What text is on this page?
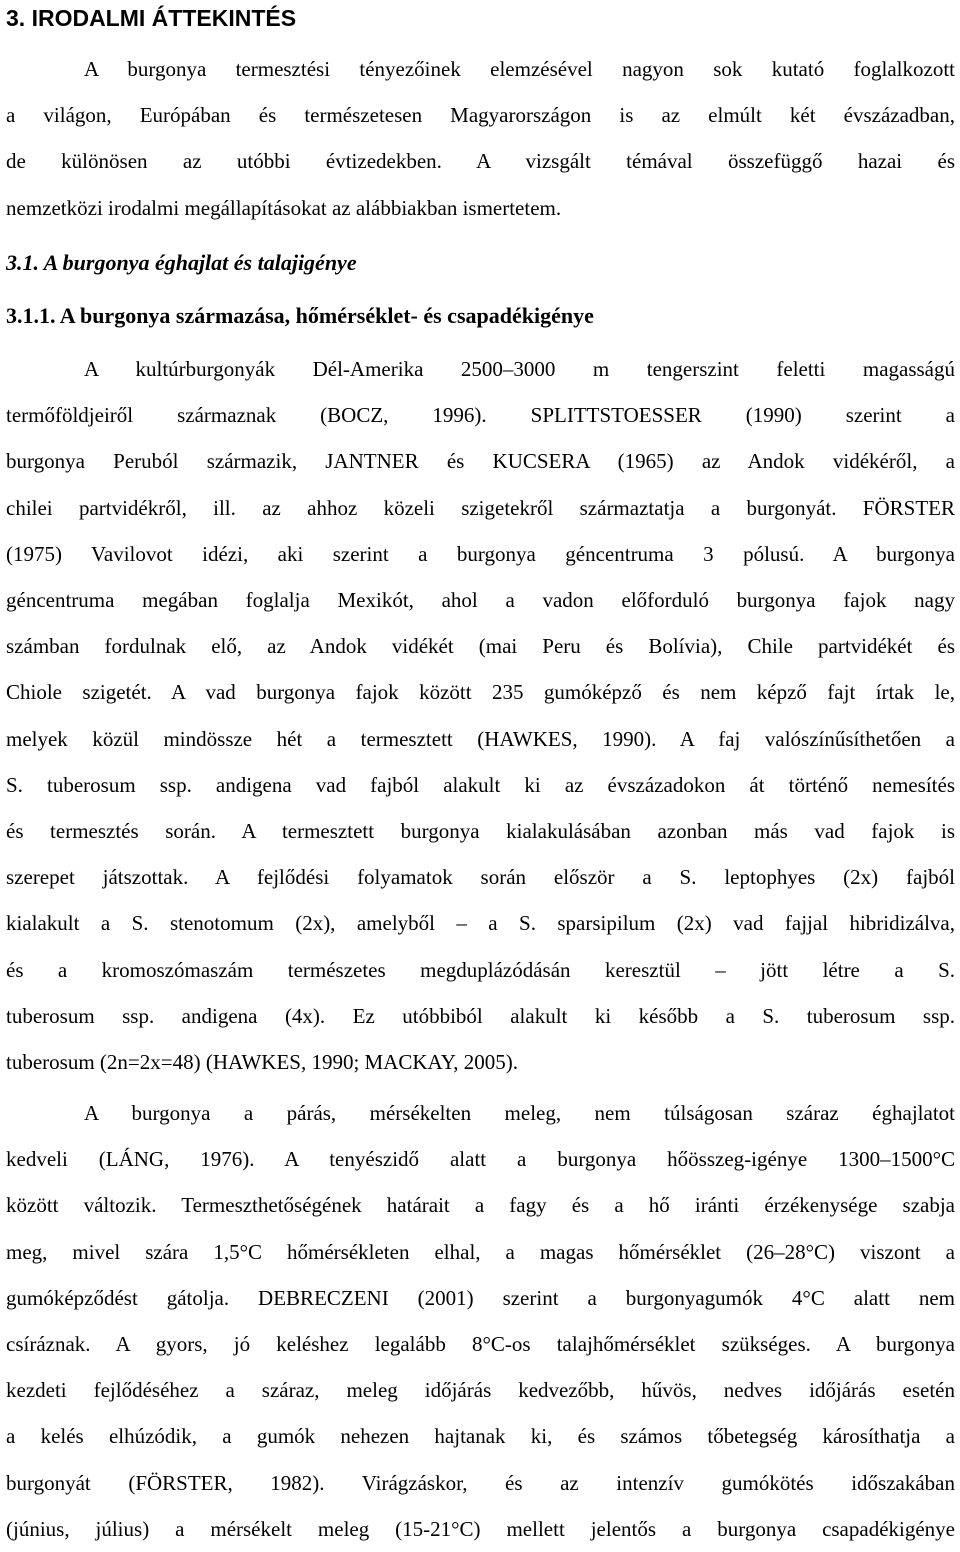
3. IRODALMI ÁTTEKINTÉS
A burgonya termesztési tényezőinek elemzésével nagyon sok kutató foglalkozott
a világon, Európában és természetesen Magyarországon is az elmúlt két évszázadban,
de különösen az utóbbi évtizedekben. A vizsgált témával összefüggő hazai és
nemzetközi irodalmi megállapításokat az alábbiakban ismertetem.
3.1. A burgonya éghajlat és talajigénye
3.1.1. A burgonya származása, hőmérséklet- és csapadékigénye
A kultúrburgonyák Dél-Amerika 2500–3000 m tengerszint feletti magasságú
termőföldjeiről származnak (BOCZ, 1996). SPLITTSTOESSER (1990) szerint a
burgonya Peruból származik, JANTNER és KUCSERA (1965) az Andok vidékéről, a
chilei partvidékről, ill. az ahhoz közeli szigetekről származtatja a burgonyát. FÖRSTER
(1975) Vavilovot idézi, aki szerint a burgonya géncentruma 3 pólusú. A burgonya
géncentruma megában foglalja Mexikót, ahol a vadon előforduló burgonya fajok nagy
számban fordulnak elő, az Andok vidékét (mai Peru és Bolívia), Chile partvidékét és
Chiole szigetét. A vad burgonya fajok között 235 gumóképző és nem képző fajt írtak le,
melyek közül mindössze hét a termesztett (HAWKES, 1990). A faj valószínűsíthetően a
S. tuberosum ssp. andigena vad fajból alakult ki az évszázadokon át történő nemesítés
és termesztés során. A termesztett burgonya kialakulásában azonban más vad fajok is
szerepet játszottak. A fejlődési folyamatok során először a S. leptophyes (2x) fajból
kialakult a S. stenotomum (2x), amelyből – a S. sparsipilum (2x) vad fajjal hibridizálva,
és a kromoszómaszám természetes megduplázódásán keresztül – jött létre a S.
tuberosum ssp. andigena (4x). Ez utóbbiból alakult ki később a S. tuberosum ssp.
tuberosum (2n=2x=48) (HAWKES, 1990; MACKAY, 2005).
A burgonya a párás, mérsékelten meleg, nem túlságosan száraz éghajlatot
kedveli (LÁNG, 1976). A tenyészidő alatt a burgonya hőösszeg-igénye 1300–1500°C
között változik. Termeszthetőségének határait a fagy és a hő iránti érzékenysége szabja
meg, mivel szára 1,5°C hőmérsékleten elhal, a magas hőmérséklet (26–28°C) viszont a
gumóképződést gátolja. DEBRECZENI (2001) szerint a burgonyagumók 4°C alatt nem
csíráznak. A gyors, jó keléshez legalább 8°C-os talajhőmérséklet szükséges. A burgonya
kezdeti fejlődéséhez a száraz, meleg időjárás kedvezőbb, hűvös, nedves időjárás esetén
a kelés elhúzódik, a gumók nehezen hajtanak ki, és számos tőbetegség károsíthatja a
burgonyát (FÖRSTER, 1982). Virágzáskor, és az intenzív gumókötés időszakában
(június, július) a mérsékelt meleg (15-21°C) mellett jelentős a burgonya csapadékigénye
